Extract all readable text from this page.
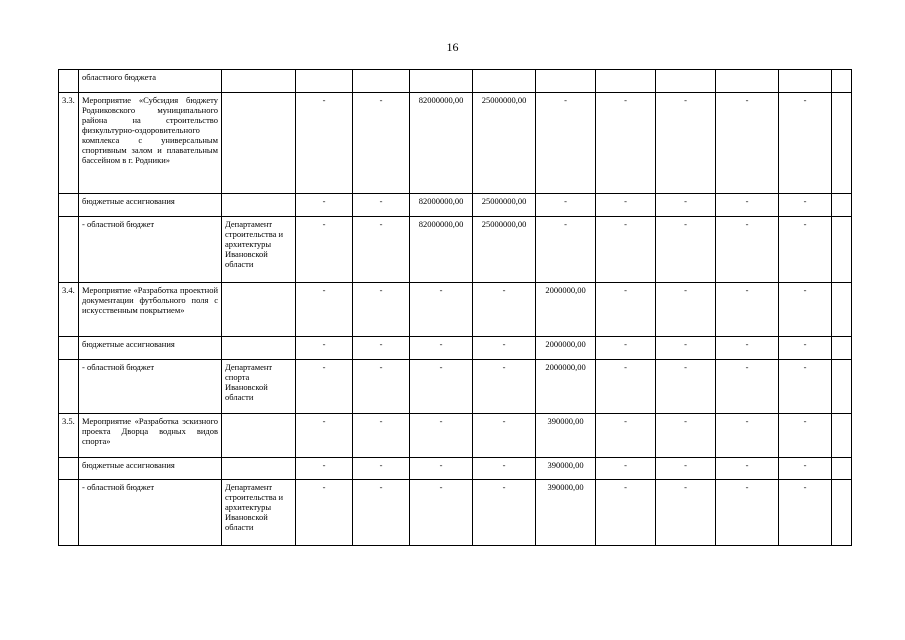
16
	областного бюджета											
3.3.	Мероприятие «Субсидия бюджету Родниковского муниципального района на строительство физкультурно-оздоровительного комплекса с универсальным спортивным залом и плавательным бассейном в г. Родники»		-	-	82000000,00	25000000,00	-	-	-	-	-	
	бюджетные ассигнования		-	-	82000000,00	25000000,00	-	-	-	-	-	
	- областной бюджет	Департамент строительства и архитектуры Ивановской области	-	-	82000000,00	25000000,00	-	-	-	-	-	
3.4.	Мероприятие «Разработка проектной документации футбольного поля с искусственным покрытием»		-	-	-	-	2000000,00	-	-	-	-	
	бюджетные ассигнования		-	-	-	-	2000000,00	-	-	-	-	
	- областной бюджет	Департамент спорта Ивановской области	-	-	-	-	2000000,00	-	-	-	-	
3.5.	Мероприятие «Разработка эскизного проекта Дворца водных видов спорта»		-	-	-	-	390000,00	-	-	-	-	
	бюджетные ассигнования		-	-	-	-	390000,00	-	-	-	-	
	- областной бюджет	Департамент строительства и архитектуры Ивановской области	-	-	-	-	390000,00	-	-	-	-	
